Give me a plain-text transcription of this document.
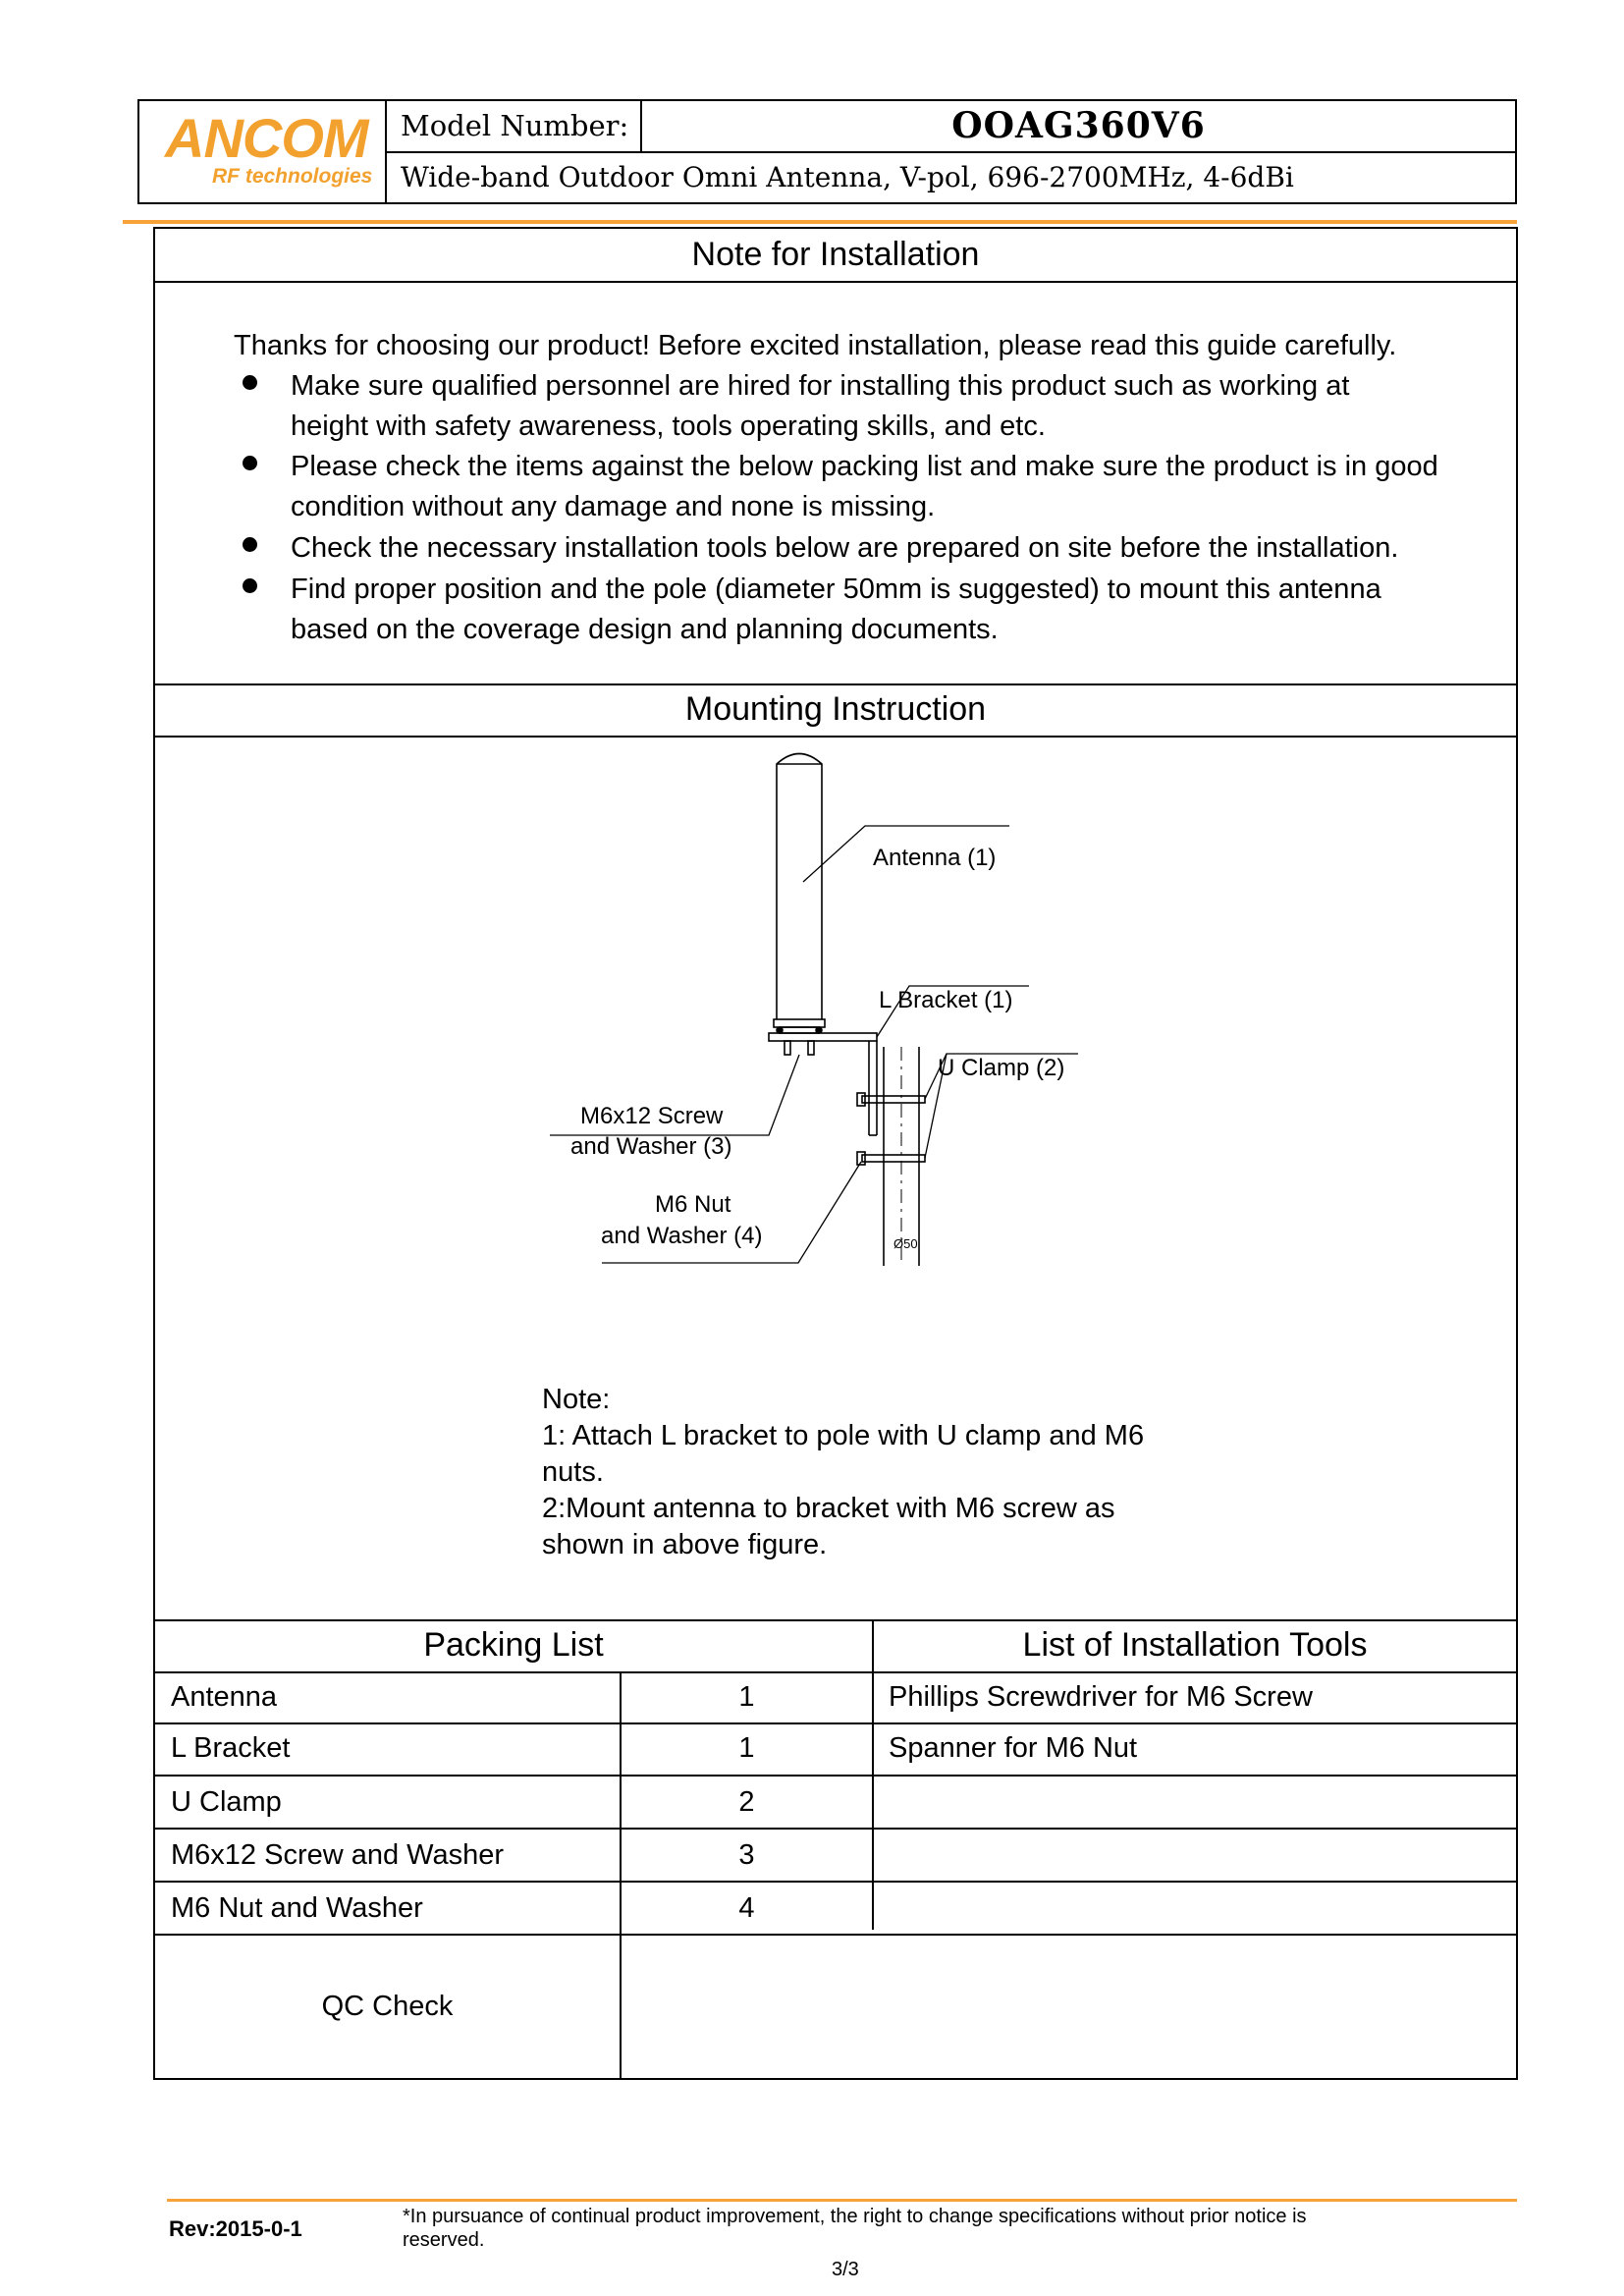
ANCOM
RF technologies
Model Number:	OOAG360V6
Wide-band Outdoor Omni Antenna, V-pol, 696-2700MHz, 4-6dBi
Note for Installation
Thanks for choosing our product! Before excited installation, please read this guide carefully.
Make sure qualified personnel are hired for installing this product such as working at
height with safety awareness, tools operating skills, and etc.
Please check the items against the below packing list and make sure the product is in good
condition without any damage and none is missing.
Check the necessary installation tools below are prepared on site before the installation.
Find proper position and the pole (diameter 50mm is suggested) to mount this antenna
based on the coverage design and planning documents.
Mounting Instruction
Ø50
Antenna (1)
L Bracket (1)
U Clamp (2)
M6x12 Screw
and Washer (3)
M6 Nut
and Washer (4)
Note:
1: Attach L bracket to pole with U clamp and M6
nuts.
2:Mount antenna to bracket with M6 screw as
shown in above figure.
Packing List	List of Installation Tools
Antenna	1	Phillips Screwdriver for M6 Screw
L Bracket	1	Spanner for M6 Nut
U Clamp	2
M6x12 Screw and Washer	3
M6 Nut and Washer	4
QC Check
Rev:2015-0-1	*In pursuance of continual product improvement, the right to change specifications without prior notice is
reserved.
3/3
